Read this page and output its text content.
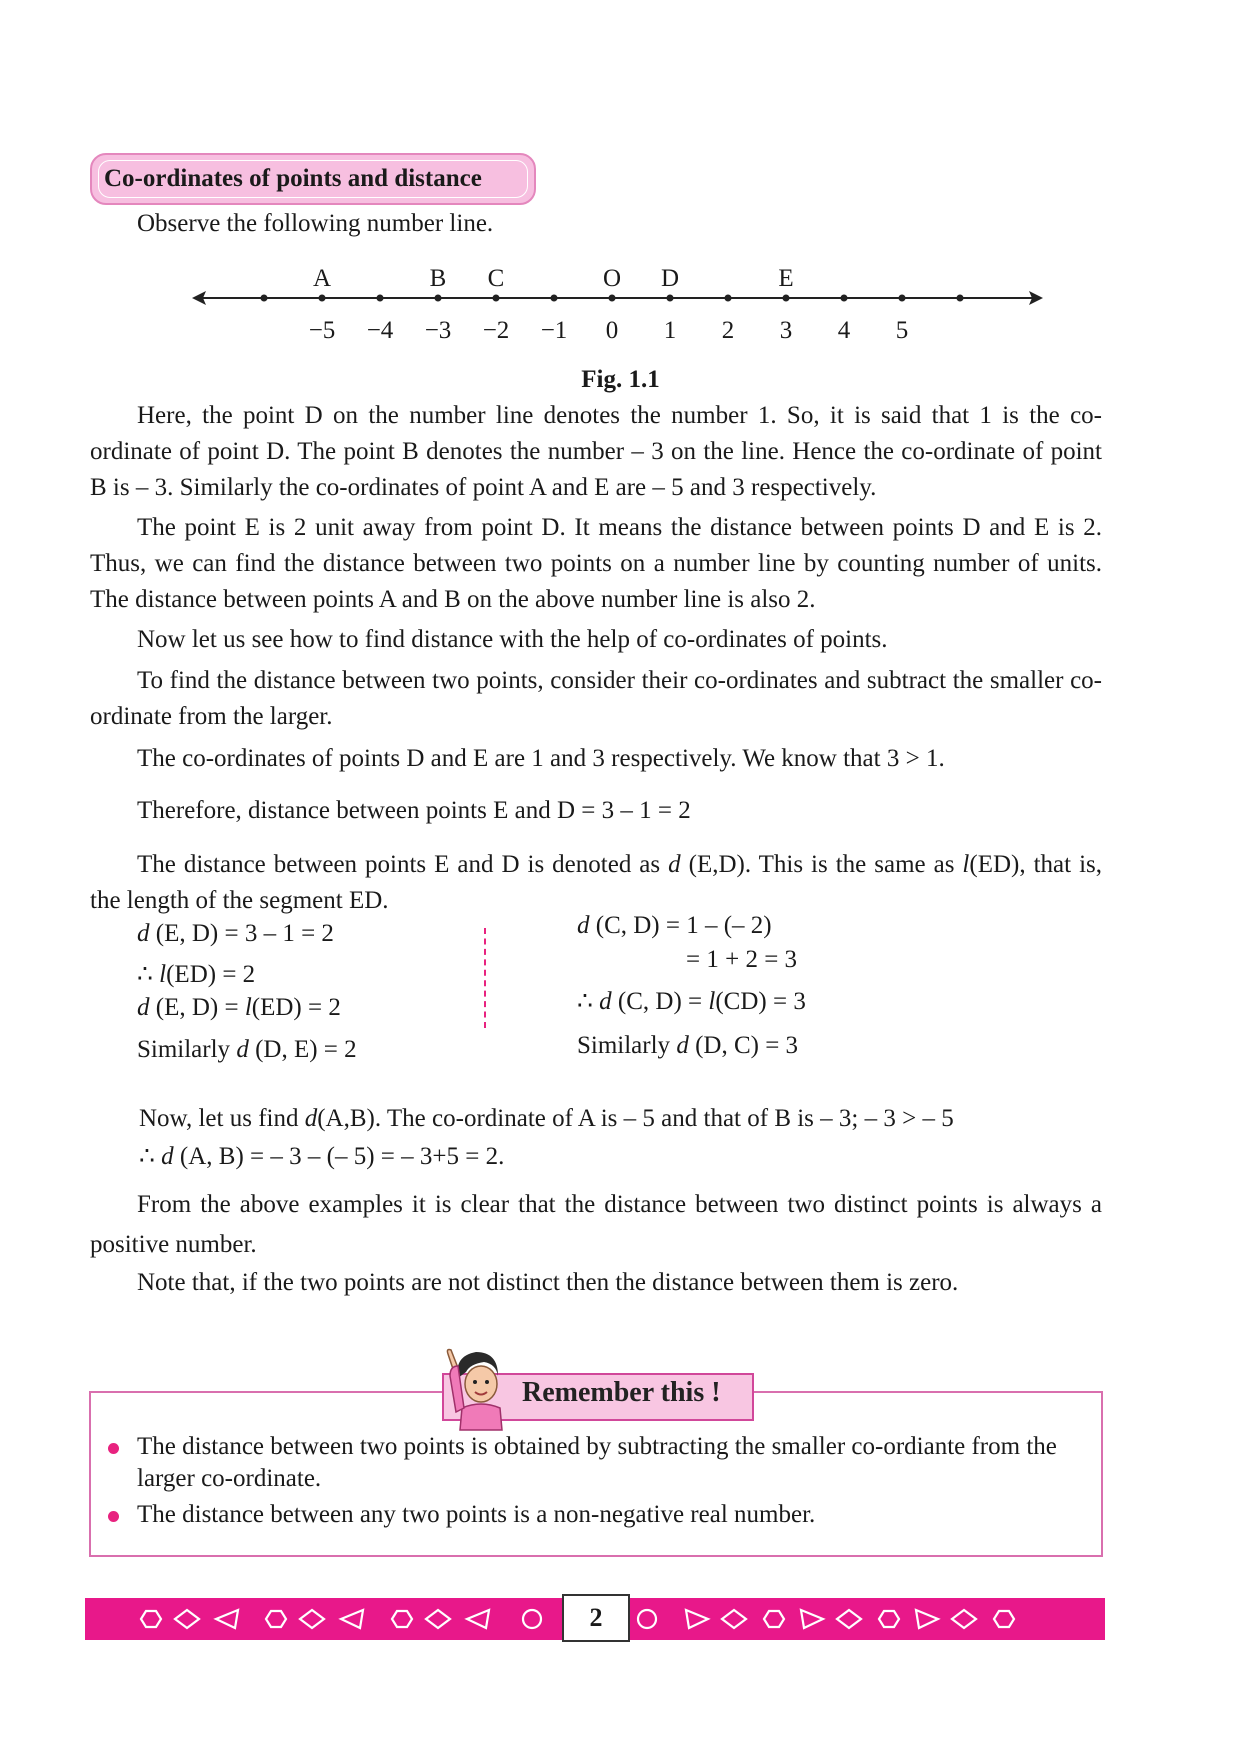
Co-ordinates of points and distance
Observe the following number line.
−5 −4 −3 −2 −1 0 1 2 3 4 5
A	B C	O D	E
Fig. 1.1
Here, the point D on the number line denotes the number 1. So, it is said that 1 is the co-ordinate of point D. The point B denotes the number – 3 on the line. Hence the co-ordinate of point B is – 3. Similarly the co-ordinates of point A and E are – 5 and 3 respectively.
The point E is 2 unit away from point D. It means the distance between points D and E is 2. Thus, we can find the distance between two points on a number line by counting number of units. The distance between points A and B on the above number line is also 2.
Now let us see how to find distance with the help of co-ordinates of points.
To find the distance between two points, consider their co-ordinates and subtract the smaller co-ordinate from the larger.
The co-ordinates of points D and E are 1 and 3 respectively. We know that 3 > 1.
Therefore, distance between points E and D = 3 – 1 = 2
The distance between points E and D is denoted as d (E,D). This is the same as l(ED), that is, the length of the segment ED.
d (E, D) = 3 – 1 = 2
∴ l(ED) = 2
d (E, D) = l(ED) = 2
Similarly d (D, E) = 2
d (C, D) = 1 – (– 2)
= 1 + 2 = 3
∴ d (C, D) = l(CD) = 3
Similarly d (D, C) = 3
Now, let us find d(A,B). The co-ordinate of A is – 5 and that of B is – 3; – 3 > – 5
∴ d (A, B) = – 3 – (– 5) = – 3+5 = 2.
From the above examples it is clear that the distance between two distinct points is always a positive number.
Note that, if the two points are not distinct then the distance between them is zero.
Remember this !
The distance between two points is obtained by subtracting the smaller co-ordiante from the larger co-ordinate.
The distance between any two points is a non-negative real number.
2
